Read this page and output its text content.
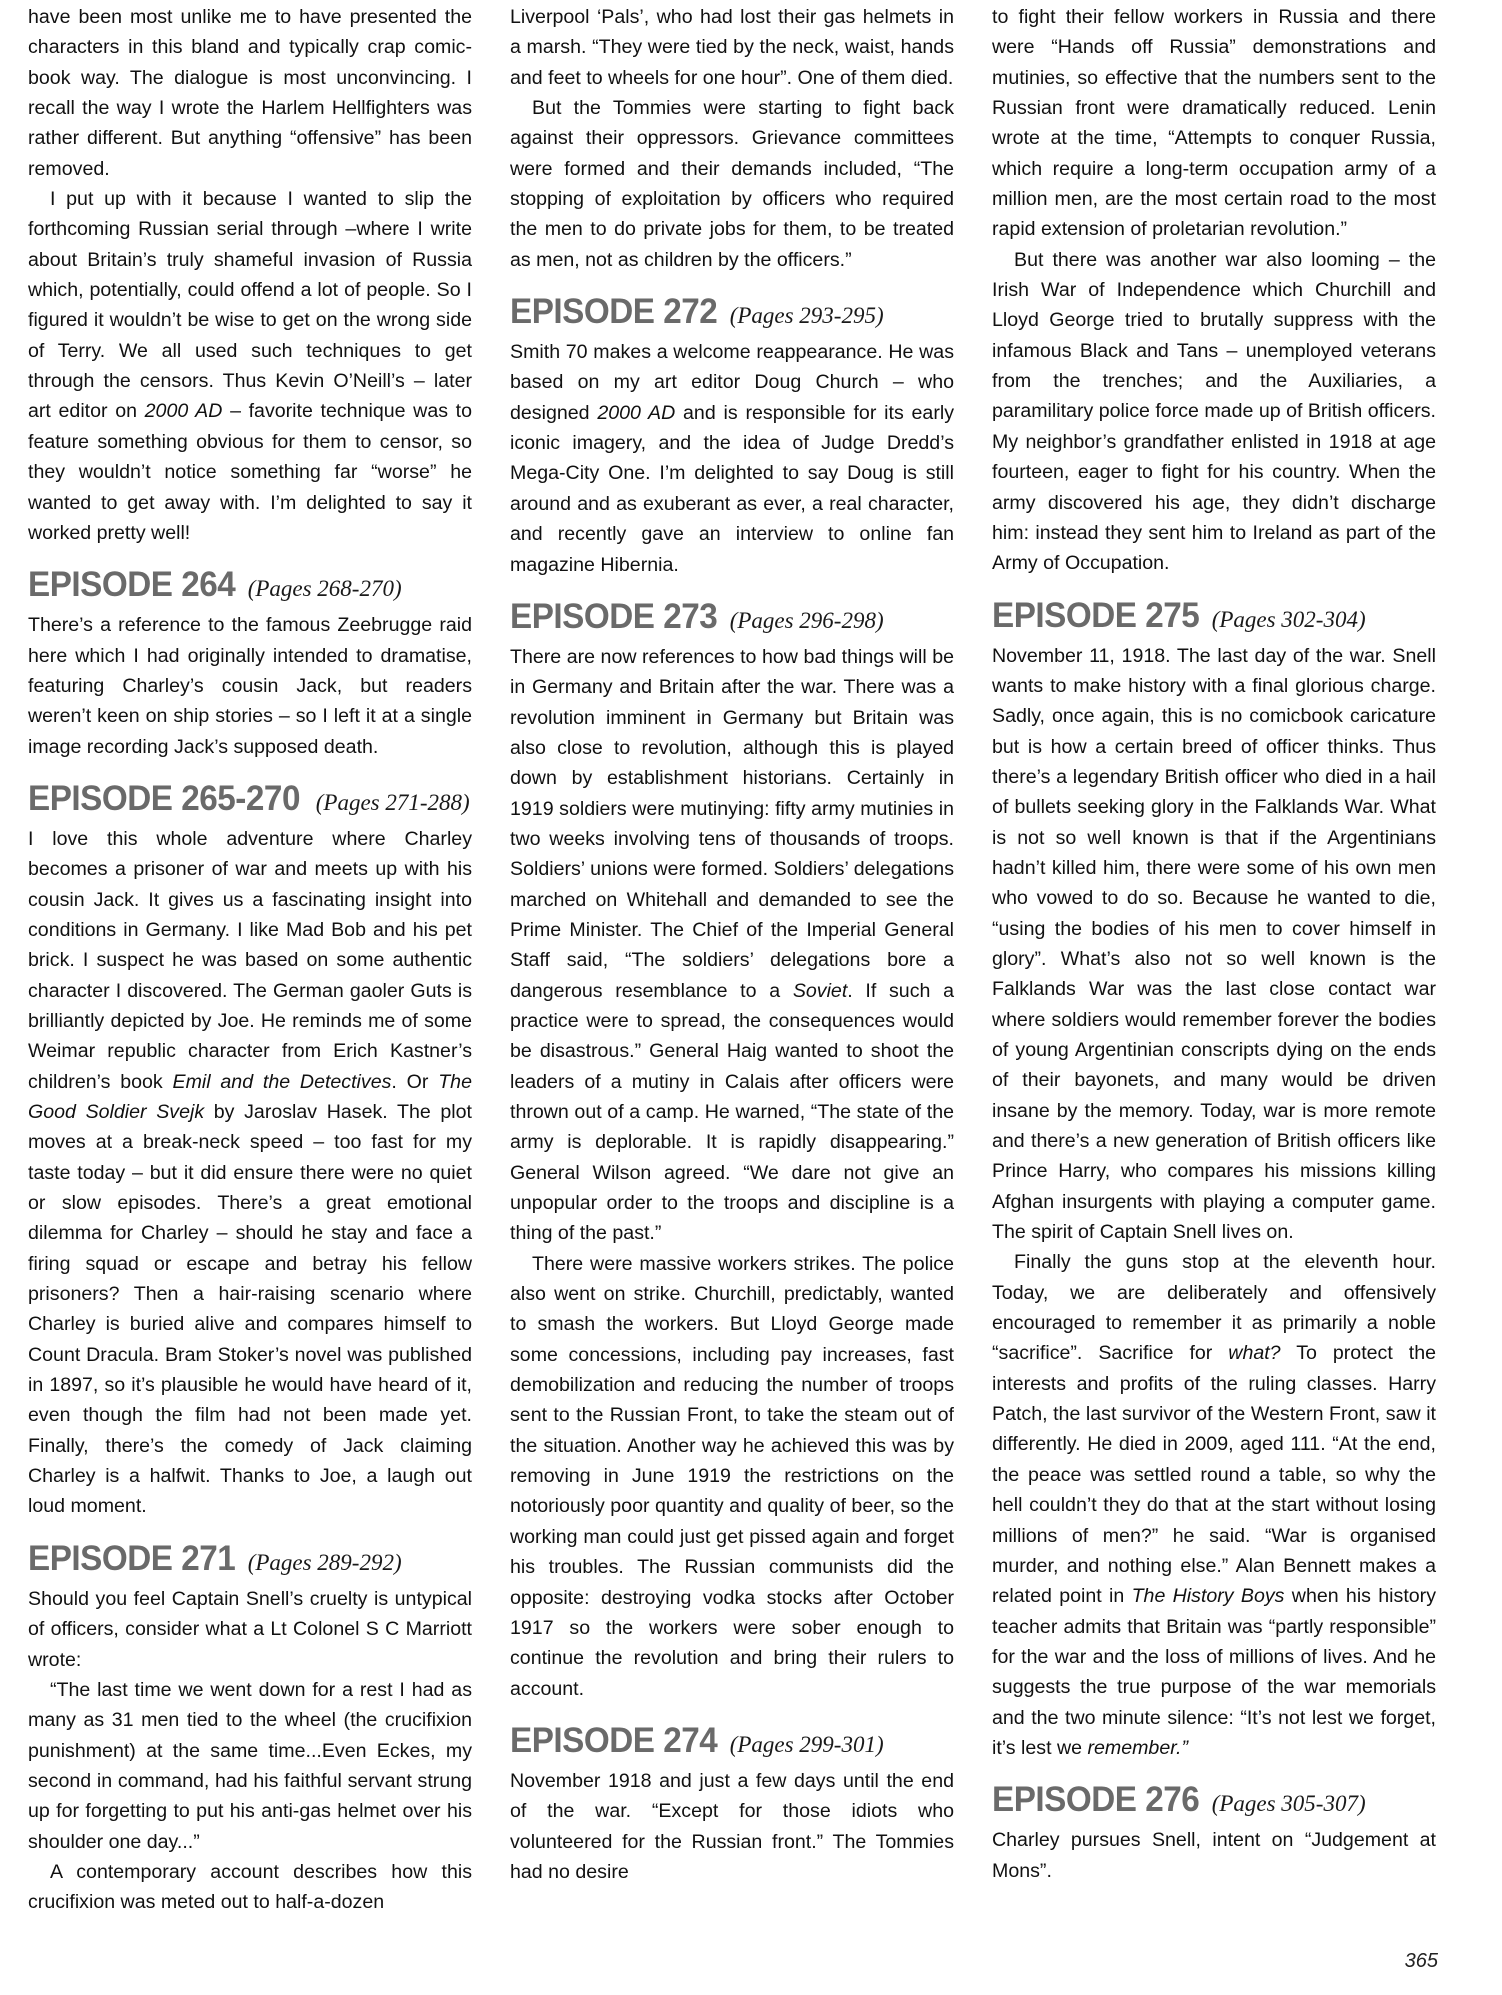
have been most unlike me to have presented the characters in this bland and typically crap comic-book way. The dialogue is most unconvincing. I recall the way I wrote the Harlem Hellfighters was rather different. But anything “offensive” has been removed.

I put up with it because I wanted to slip the forthcoming Russian serial through –where I write about Britain’s truly shameful invasion of Russia which, potentially, could offend a lot of people. So I figured it wouldn’t be wise to get on the wrong side of Terry. We all used such techniques to get through the censors. Thus Kevin O’Neill’s – later art editor on 2000 AD – favorite technique was to feature something obvious for them to censor, so they wouldn’t notice something far “worse” he wanted to get away with. I’m delighted to say it worked pretty well!

EPISODE 264 (Pages 268-270)

There’s a reference to the famous Zeebrugge raid here which I had originally intended to dramatise, featuring Charley’s cousin Jack, but readers weren’t keen on ship stories – so I left it at a single image recording Jack’s supposed death.

EPISODE 265-270 (Pages 271-288)

I love this whole adventure where Charley becomes a prisoner of war and meets up with his cousin Jack. It gives us a fascinating insight into conditions in Germany. I like Mad Bob and his pet brick. I suspect he was based on some authentic character I discovered. The German gaoler Guts is brilliantly depicted by Joe. He reminds me of some Weimar republic character from Erich Kastner’s children’s book Emil and the Detectives. Or The Good Soldier Svejk by Jaroslav Hasek. The plot moves at a break-neck speed – too fast for my taste today – but it did ensure there were no quiet or slow episodes. There’s a great emotional dilemma for Charley – should he stay and face a firing squad or escape and betray his fellow prisoners? Then a hair-raising scenario where Charley is buried alive and compares himself to Count Dracula. Bram Stoker’s novel was published in 1897, so it’s plausible he would have heard of it, even though the film had not been made yet. Finally, there’s the comedy of Jack claiming Charley is a halfwit. Thanks to Joe, a laugh out loud moment.

EPISODE 271 (Pages 289-292)

Should you feel Captain Snell’s cruelty is untypical of officers, consider what a Lt Colonel S C Marriott wrote:

“The last time we went down for a rest I had as many as 31 men tied to the wheel (the crucifixion punishment) at the same time...Even Eckes, my second in command, had his faithful servant strung up for forgetting to put his anti-gas helmet over his shoulder one day...”

A contemporary account describes how this crucifixion was meted out to half-a-dozen

Liverpool ‘Pals’, who had lost their gas helmets in a marsh. “They were tied by the neck, waist, hands and feet to wheels for one hour”. One of them died.

But the Tommies were starting to fight back against their oppressors. Grievance committees were formed and their demands included, “The stopping of exploitation by officers who required the men to do private jobs for them, to be treated as men, not as children by the officers.”

EPISODE 272 (Pages 293-295)

Smith 70 makes a welcome reappearance. He was based on my art editor Doug Church – who designed 2000 AD and is responsible for its early iconic imagery, and the idea of Judge Dredd’s Mega-City One. I’m delighted to say Doug is still around and as exuberant as ever, a real character, and recently gave an interview to online fan magazine Hibernia.

EPISODE 273 (Pages 296-298)

There are now references to how bad things will be in Germany and Britain after the war. There was a revolution imminent in Germany but Britain was also close to revolution, although this is played down by establishment historians. Certainly in 1919 soldiers were mutinying: fifty army mutinies in two weeks involving tens of thousands of troops. Soldiers’ unions were formed. Soldiers’ delegations marched on Whitehall and demanded to see the Prime Minister. The Chief of the Imperial General Staff said, “The soldiers’ delegations bore a dangerous resemblance to a Soviet. If such a practice were to spread, the consequences would be disastrous.” General Haig wanted to shoot the leaders of a mutiny in Calais after officers were thrown out of a camp. He warned, “The state of the army is deplorable. It is rapidly disappearing.” General Wilson agreed. “We dare not give an unpopular order to the troops and discipline is a thing of the past.”

There were massive workers strikes. The police also went on strike. Churchill, predictably, wanted to smash the workers. But Lloyd George made some concessions, including pay increases, fast demobilization and reducing the number of troops sent to the Russian Front, to take the steam out of the situation. Another way he achieved this was by removing in June 1919 the restrictions on the notoriously poor quantity and quality of beer, so the working man could just get pissed again and forget his troubles. The Russian communists did the opposite: destroying vodka stocks after October 1917 so the workers were sober enough to continue the revolution and bring their rulers to account.

EPISODE 274 (Pages 299-301)

November 1918 and just a few days until the end of the war. “Except for those idiots who volunteered for the Russian front.” The Tommies had no desire

to fight their fellow workers in Russia and there were “Hands off Russia” demonstrations and mutinies, so effective that the numbers sent to the Russian front were dramatically reduced. Lenin wrote at the time, “Attempts to conquer Russia, which require a long-term occupation army of a million men, are the most certain road to the most rapid extension of proletarian revolution.”

But there was another war also looming – the Irish War of Independence which Churchill and Lloyd George tried to brutally suppress with the infamous Black and Tans – unemployed veterans from the trenches; and the Auxiliaries, a paramilitary police force made up of British officers. My neighbor’s grandfather enlisted in 1918 at age fourteen, eager to fight for his country. When the army discovered his age, they didn’t discharge him: instead they sent him to Ireland as part of the Army of Occupation.

EPISODE 275 (Pages 302-304)

November 11, 1918. The last day of the war. Snell wants to make history with a final glorious charge. Sadly, once again, this is no comicbook caricature but is how a certain breed of officer thinks. Thus there’s a legendary British officer who died in a hail of bullets seeking glory in the Falklands War. What is not so well known is that if the Argentinians hadn’t killed him, there were some of his own men who vowed to do so. Because he wanted to die, “using the bodies of his men to cover himself in glory”. What’s also not so well known is the Falklands War was the last close contact war where soldiers would remember forever the bodies of young Argentinian conscripts dying on the ends of their bayonets, and many would be driven insane by the memory. Today, war is more remote and there’s a new generation of British officers like Prince Harry, who compares his missions killing Afghan insurgents with playing a computer game. The spirit of Captain Snell lives on.

Finally the guns stop at the eleventh hour. Today, we are deliberately and offensively encouraged to remember it as primarily a noble “sacrifice”. Sacrifice for what? To protect the interests and profits of the ruling classes. Harry Patch, the last survivor of the Western Front, saw it differently. He died in 2009, aged 111. “At the end, the peace was settled round a table, so why the hell couldn’t they do that at the start without losing millions of men?” he said. “War is organised murder, and nothing else.” Alan Bennett makes a related point in The History Boys when his history teacher admits that Britain was “partly responsible” for the war and the loss of millions of lives. And he suggests the true purpose of the war memorials and the two minute silence: “It’s not lest we forget, it’s lest we remember.”

EPISODE 276 (Pages 305-307)

Charley pursues Snell, intent on “Judgement at Mons”.

365
